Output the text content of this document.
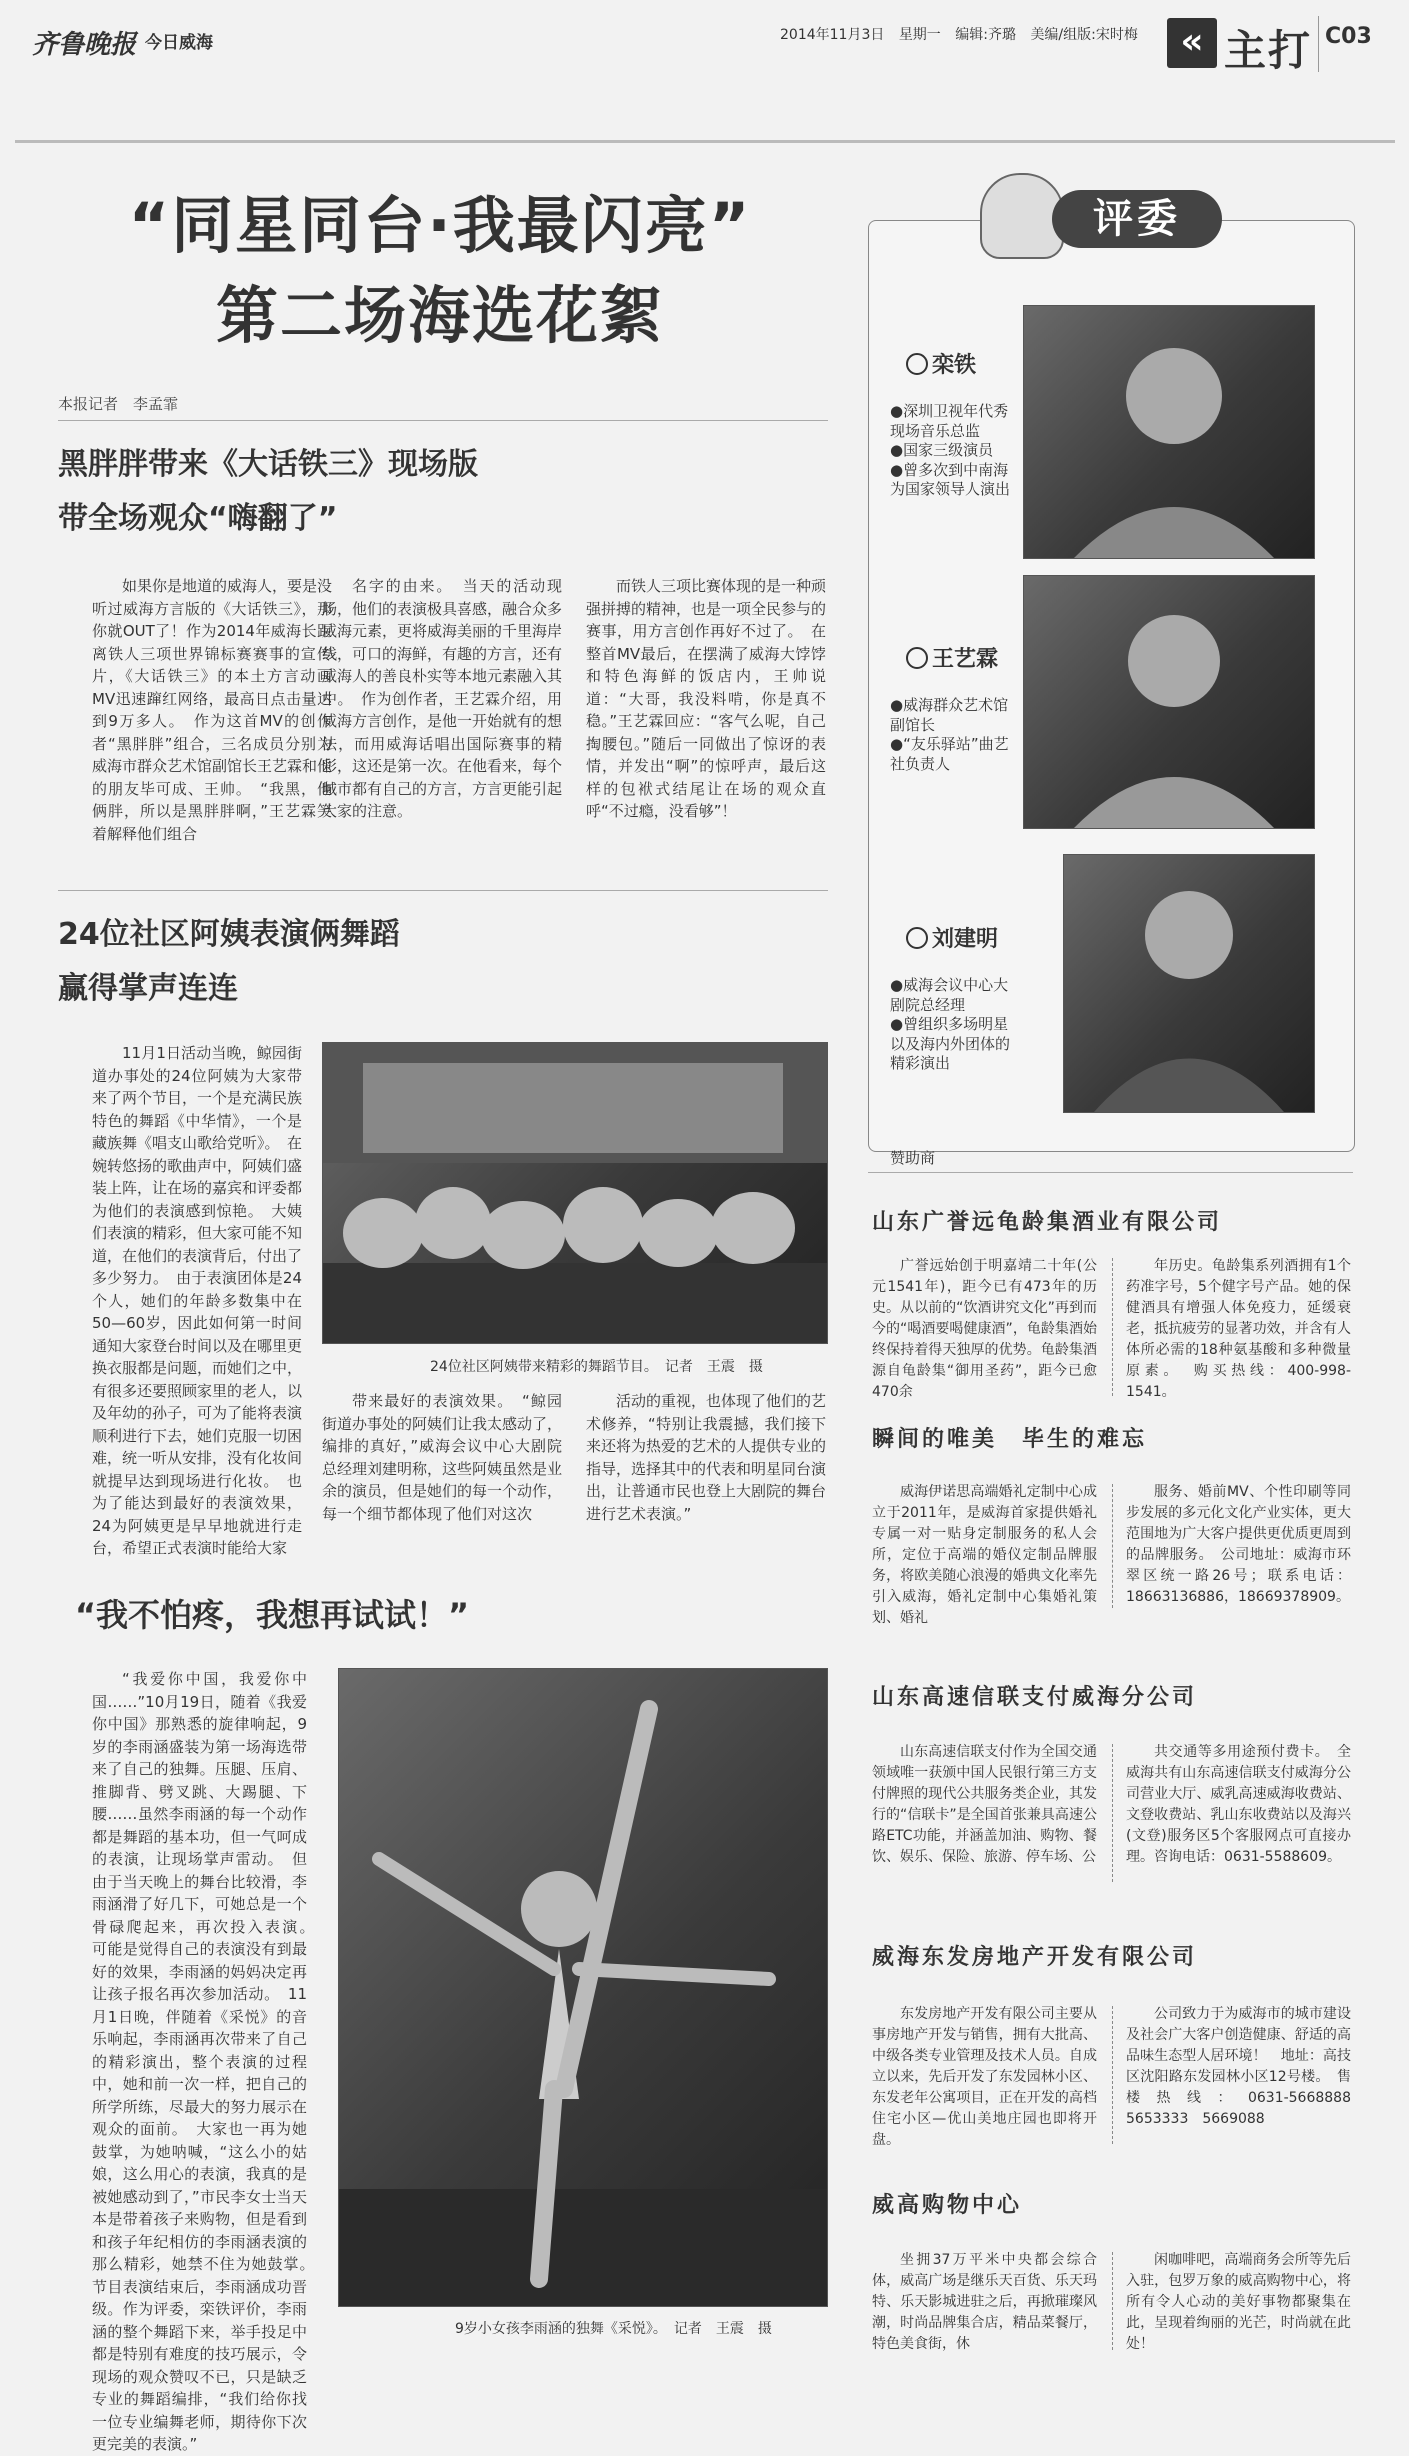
齐鲁晚报 今日威海	2014年11月3日 星期一 编辑:齐璐 美编/组版:宋时梅	« 主打 C03
“同星同台·我最闪亮”
第二场海选花絮
本报记者　李孟霏
黑胖胖带来《大话铁三》现场版
带全场观众“嗨翻了”

如果你是地道的威海人，要是没听过威海方言版的《大话铁三》，那你就OUT了！作为2014年威海长距离铁人三项世界锦标赛赛事的宣传片，《大话铁三》的本土方言动画MV迅速蹿红网络，最高日点击量达到9万多人。　作为这首MV的创作者“黑胖胖”组合，三名成员分别为威海市群众艺术馆副馆长王艺霖和他的朋友毕可成、王帅。　“我黑，他俩胖，所以是黑胖胖啊，”王艺霖笑着解释他们组合

名字的由来。　当天的活动现场，他们的表演极具喜感，融合众多威海元素，更将威海美丽的千里海岸线，可口的海鲜，有趣的方言，还有威海人的善良朴实等本地元素融入其中。　作为创作者，王艺霖介绍，用威海方言创作，是他一开始就有的想法，而用威海话唱出国际赛事的精彩，这还是第一次。在他看来，每个城市都有自己的方言，方言更能引起大家的注意。

而铁人三项比赛体现的是一种顽强拼搏的精神，也是一项全民参与的赛事，用方言创作再好不过了。　在整首MV最后，在摆满了威海大饽饽和特色海鲜的饭店内，王帅说道：“大哥，我没料啃，你是真不稳。”王艺霖回应：“客气么呢，自己掏腰包。”随后一同做出了惊讶的表情，并发出“啊”的惊呼声，最后这样的包袱式结尾让在场的观众直呼“不过瘾，没看够”！

24位社区阿姨表演俩舞蹈
赢得掌声连连

11月1日活动当晚，鲸园街道办事处的24位阿姨为大家带来了两个节目，一个是充满民族特色的舞蹈《中华情》，一个是藏族舞《唱支山歌给党听》。　在婉转悠扬的歌曲声中，阿姨们盛装上阵，让在场的嘉宾和评委都为他们的表演感到惊艳。　大姨们表演的精彩，但大家可能不知道，在他们的表演背后，付出了多少努力。　由于表演团体是24个人，她们的年龄多数集中在50—60岁，因此如何第一时间通知大家登台时间以及在哪里更换衣服都是问题，而她们之中，有很多还要照顾家里的老人，以及年幼的孙子，可为了能将表演顺利进行下去，她们克服一切困难，统一听从安排，没有化妆间就提早达到现场进行化妆。　也为了能达到最好的表演效果，24为阿姨更是早早地就进行走台，希望正式表演时能给大家

24位社区阿姨带来精彩的舞蹈节目。　记者　王震　摄

带来最好的表演效果。　“鲸园街道办事处的阿姨们让我太感动了，编排的真好，”威海会议中心大剧院总经理刘建明称，这些阿姨虽然是业余的演员，但是她们的每一个动作，每一个细节都体现了他们对这次

活动的重视，也体现了他们的艺术修养，“特别让我震撼，我们接下来还将为热爱的艺术的人提供专业的指导，选择其中的代表和明星同台演出，让普通市民也登上大剧院的舞台进行艺术表演。”

“我不怕疼，我想再试试！”

“我爱你中国，我爱你中国……”10月19日，随着《我爱你中国》那熟悉的旋律响起，9岁的李雨涵盛装为第一场海选带来了自己的独舞。压腿、压肩、推脚背、劈叉跳、大踢腿、下腰……虽然李雨涵的每一个动作都是舞蹈的基本功，但一气呵成的表演，让现场掌声雷动。　但由于当天晚上的舞台比较滑，李雨涵滑了好几下，可她总是一个骨碌爬起来，再次投入表演。　可能是觉得自己的表演没有到最好的效果，李雨涵的妈妈决定再让孩子报名再次参加活动。　11月1日晚，伴随着《采悦》的音乐响起，李雨涵再次带来了自己的精彩演出，整个表演的过程中，她和前一次一样，把自己的所学所练，尽最大的努力展示在观众的面前。　大家也一再为她鼓掌，为她呐喊，“这么小的姑娘，这么用心的表演，我真的是被她感动到了，”市民李女士当天本是带着孩子来购物，但是看到和孩子年纪相仿的李雨涵表演的那么精彩，她禁不住为她鼓掌。　节目表演结束后，李雨涵成功晋级。作为评委，栾铁评价，李雨涵的整个舞蹈下来，举手投足中都是特别有难度的技巧展示，令现场的观众赞叹不已，只是缺乏专业的舞蹈编排，“我们给你找一位专业编舞老师，期待你下次更完美的表演。”

9岁小女孩李雨涵的独舞《采悦》。　记者　王震　摄
评委
栾铁
● 深圳卫视年代秀现场音乐总监
● 国家三级演员
● 曾多次到中南海为国家领导人演出
王艺霖
● 威海群众艺术馆副馆长
● “友乐驿站”曲艺社负责人
刘建明
● 威海会议中心大剧院总经理
● 曾组织多场明星以及海内外团体的精彩演出
赞助商
山东广誉远龟龄集酒业有限公司

广誉远始创于明嘉靖二十年(公元1541年)，距今已有473年的历史。从以前的“饮酒讲究文化”再到而今的“喝酒要喝健康酒”，龟龄集酒始终保持着得天独厚的优势。龟龄集酒源自龟龄集“御用圣药”，距今已愈470余

年历史。龟龄集系列酒拥有1个药准字号，5个健字号产品。她的保健酒具有增强人体免疫力，延缓衰老，抵抗疲劳的显著功效，并含有人体所必需的18种氨基酸和多种微量原素。　购买热线：400-998-1541。

瞬间的唯美　毕生的难忘

威海伊诺思高端婚礼定制中心成立于2011年，是威海首家提供婚礼专属一对一贴身定制服务的私人会所，定位于高端的婚仪定制品牌服务，将欧美随心浪漫的婚典文化率先引入威海，婚礼定制中心集婚礼策划、婚礼

服务、婚前MV、个性印刷等同步发展的多元化文化产业实体，更大范围地为广大客户提供更优质更周到的品牌服务。　公司地址：威海市环翠区统一路26号；联系电话：18663136886，18669378909。

山东高速信联支付威海分公司

山东高速信联支付作为全国交通领域唯一获颁中国人民银行第三方支付牌照的现代公共服务类企业，其发行的“信联卡”是全国首张兼具高速公路ETC功能，并涵盖加油、购物、餐饮、娱乐、保险、旅游、停车场、公

共交通等多用途预付费卡。　全威海共有山东高速信联支付威海分公司营业大厅、威乳高速威海收费站、文登收费站、乳山东收费站以及海兴(文登)服务区5个客服网点可直接办理。咨询电话：0631-5588609。

威海东发房地产开发有限公司

东发房地产开发有限公司主要从事房地产开发与销售，拥有大批高、中级各类专业管理及技术人员。自成立以来，先后开发了东发园林小区、东发老年公寓项目，正在开发的高档住宅小区—优山美地庄园也即将开盘。

公司致力于为威海市的城市建设及社会广大客户创造健康、舒适的高品味生态型人居环境！　地址：高技区沈阳路东发园林小区12号楼。　售楼热线：0631-5668888　5653333　5669088

威高购物中心

坐拥37万平米中央都会综合体，威高广场是继乐天百货、乐天玛特、乐天影城进驻之后，再掀璀璨风潮，时尚品牌集合店，精品菜餐厅，特色美食街，休

闲咖啡吧，高端商务会所等先后入驻，包罗万象的威高购物中心，将所有令人心动的美好事物都聚集在此，呈现着绚丽的光芒，时尚就在此处！
